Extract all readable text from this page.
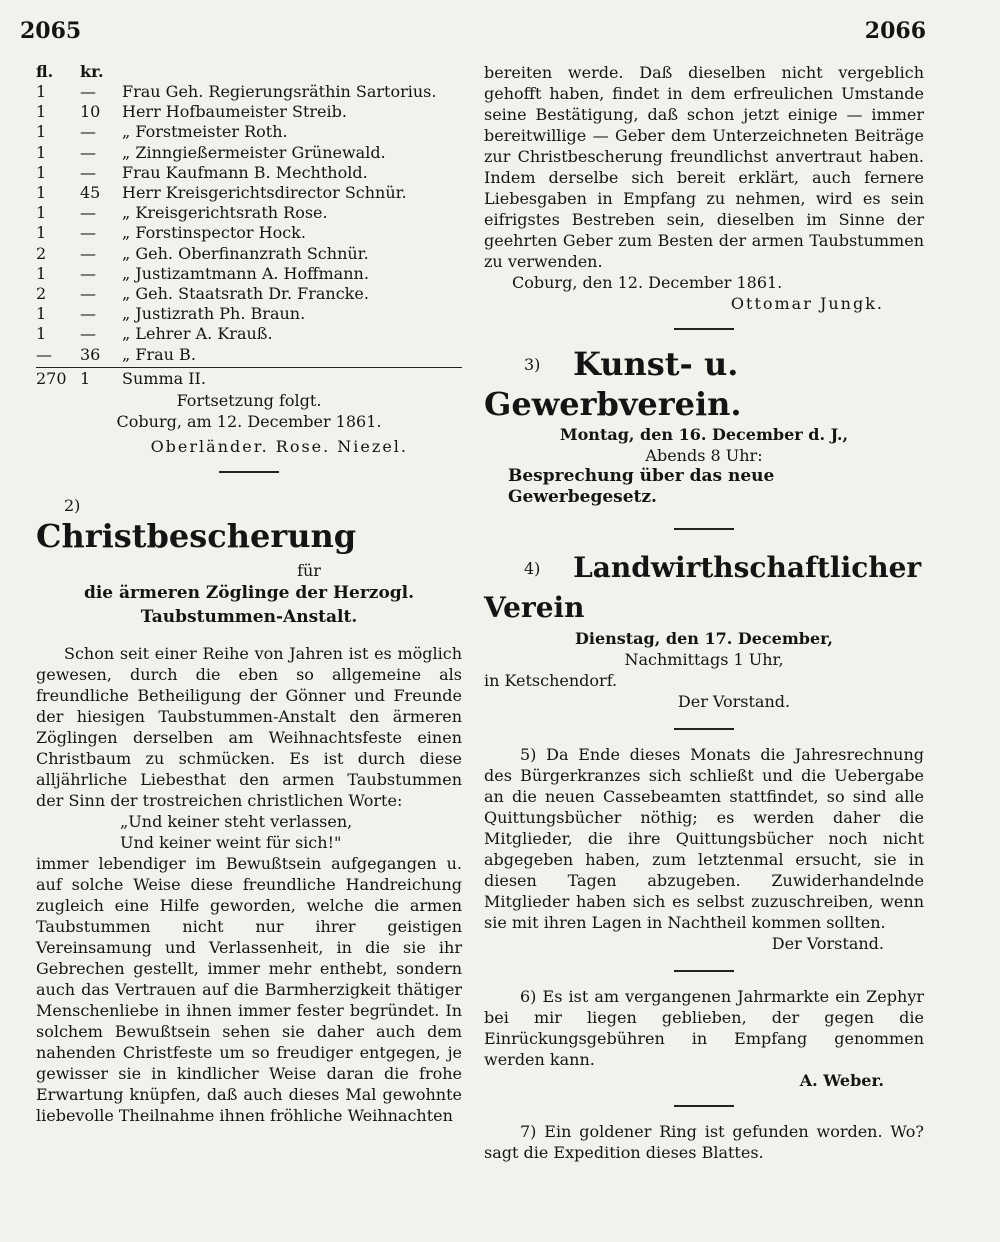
2065	2066
fl.	kr.
1	—	Frau Geh. Regierungsräthin Sartorius.
1	10	Herr Hofbaumeister Streib.
1	—	„ Forstmeister Roth.
1	—	„ Zinngießermeister Grünewald.
1	—	Frau Kaufmann B. Mechthold.
1	45	Herr Kreisgerichtsdirector Schnür.
1	—	„ Kreisgerichtsrath Rose.
1	—	„ Forstinspector Hock.
2	—	„ Geh. Oberfinanzrath Schnür.
1	—	„ Justizamtmann A. Hoffmann.
2	—	„ Geh. Staatsrath Dr. Francke.
1	—	„ Justizrath Ph. Braun.
1	—	„ Lehrer A. Krauß.
—	36	„ Frau B.
270 1	Summa II.

Fortsetzung folgt.

Coburg, am 12. December 1861.

Oberländer. Rose. Niezel.

2) Christbescherung

für

die ärmeren Zöglinge der Herzogl. Taubstummen-Anstalt.

Schon seit einer Reihe von Jahren ist es möglich gewesen, durch die eben so allgemeine als freundliche Betheiligung der Gönner und Freunde der hiesigen Taubstummen-Anstalt den ärmeren Zöglingen derselben am Weihnachtsfeste einen Christbaum zu schmücken. Es ist durch diese alljährliche Liebesthat den armen Taubstummen der Sinn der trostreichen christlichen Worte:

„Und keiner steht verlassen,

Und keiner weint für sich!"

immer lebendiger im Bewußtsein aufgegangen u. auf solche Weise diese freundliche Handreichung zugleich eine Hilfe geworden, welche die armen Taubstummen nicht nur ihrer geistigen Vereinsamung und Verlassenheit, in die sie ihr Gebrechen gestellt, immer mehr enthebt, sondern auch das Vertrauen auf die Barmherzigkeit thätiger Menschenliebe in ihnen immer fester begründet. In solchem Bewußtsein sehen sie daher auch dem nahenden Christfeste um so freudiger entgegen, je gewisser sie in kindlicher Weise daran die frohe Erwartung knüpfen, daß auch dieses Mal gewohnte liebevolle Theilnahme ihnen fröhliche Weihnachten

bereiten werde. Daß dieselben nicht vergeblich gehofft haben, findet in dem erfreulichen Umstande seine Bestätigung, daß schon jetzt einige — immer bereitwillige — Geber dem Unterzeichneten Beiträge zur Christbescherung freundlichst anvertraut haben. Indem derselbe sich bereit erklärt, auch fernere Liebesgaben in Empfang zu nehmen, wird es sein eifrigstes Bestreben sein, dieselben im Sinne der geehrten Geber zum Besten der armen Taubstummen zu verwenden.

Coburg, den 12. December 1861.

Ottomar Jungk.

3) Kunst- u. Gewerbverein.

Montag, den 16. December d. J.,

Abends 8 Uhr:

Besprechung über das neue Gewerbegesetz.

4) Landwirthschaftlicher Verein

Dienstag, den 17. December,

Nachmittags 1 Uhr,

in Ketschendorf.

Der Vorstand.

5) Da Ende dieses Monats die Jahresrechnung des Bürgerkranzes sich schließt und die Uebergabe an die neuen Cassebeamten stattfindet, so sind alle Quittungsbücher nöthig; es werden daher die Mitglieder, die ihre Quittungsbücher noch nicht abgegeben haben, zum letztenmal ersucht, sie in diesen Tagen abzugeben. Zuwiderhandelnde Mitglieder haben sich es selbst zuzuschreiben, wenn sie mit ihren Lagen in Nachtheil kommen sollten.

Der Vorstand.

6) Es ist am vergangenen Jahrmarkte ein Zephyr bei mir liegen geblieben, der gegen die Einrückungsgebühren in Empfang genommen werden kann.

A. Weber.

7) Ein goldener Ring ist gefunden worden. Wo? sagt die Expedition dieses Blattes.
